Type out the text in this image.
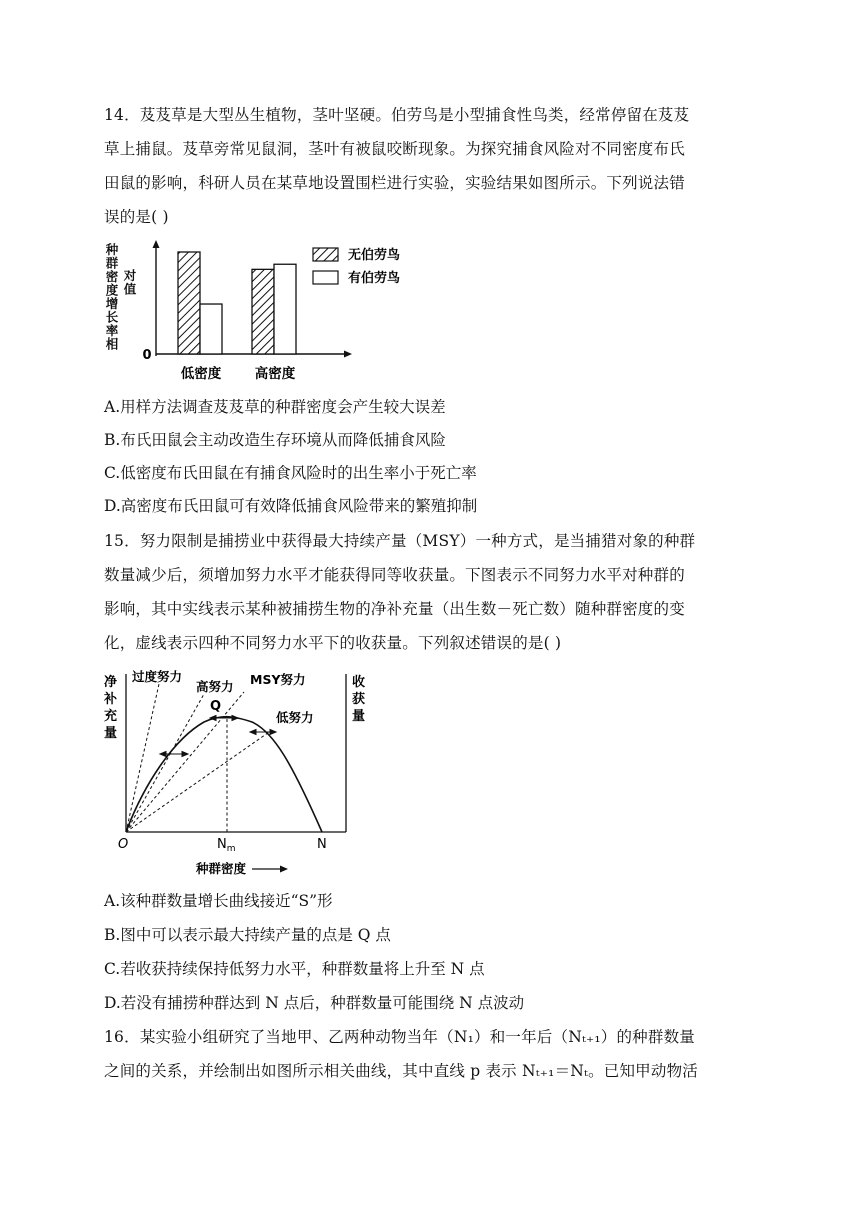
14．芨芨草是大型丛生植物，茎叶坚硬。伯劳鸟是小型捕食性鸟类，经常停留在芨芨
草上捕鼠。芨草旁常见鼠洞，茎叶有被鼠咬断现象。为探究捕食风险对不同密度布氏
田鼠的影响，科研人员在某草地设置围栏进行实验，实验结果如图所示。下列说法错
误的是( )
种群密度增长率相
对值
0
低密度 高密度
无伯劳鸟
有伯劳鸟
A.用样方法调查芨芨草的种群密度会产生较大误差
B.布氏田鼠会主动改造生存环境从而降低捕食风险
C.低密度布氏田鼠在有捕食风险时的出生率小于死亡率
D.高密度布氏田鼠可有效降低捕食风险带来的繁殖抑制
15．努力限制是捕捞业中获得最大持续产量（MSY）一种方式，是当捕猎对象的种群
数量减少后，须增加努力水平才能获得同等收获量。下图表示不同努力水平对种群的
影响，其中实线表示某种被捕捞生物的净补充量（出生数－死亡数）随种群密度的变
化，虚线表示四种不同努力水平下的收获量。下列叙述错误的是( )
净
补
充
量
收
获
量
过度努力
高努力 MSY努力
低努力
Q
O	$N_m$	N
种群密度
A.该种群数量增长曲线接近“S”形
B.图中可以表示最大持续产量的点是 Q 点
C.若收获持续保持低努力水平，种群数量将上升至 N 点
D.若没有捕捞种群达到 N 点后，种群数量可能围绕 N 点波动
16．某实验小组研究了当地甲、乙两种动物当年（N₁）和一年后（Nₜ₊₁）的种群数量
之间的关系，并绘制出如图所示相关曲线，其中直线 p 表示 Nₜ₊₁＝Nₜ。已知甲动物活
